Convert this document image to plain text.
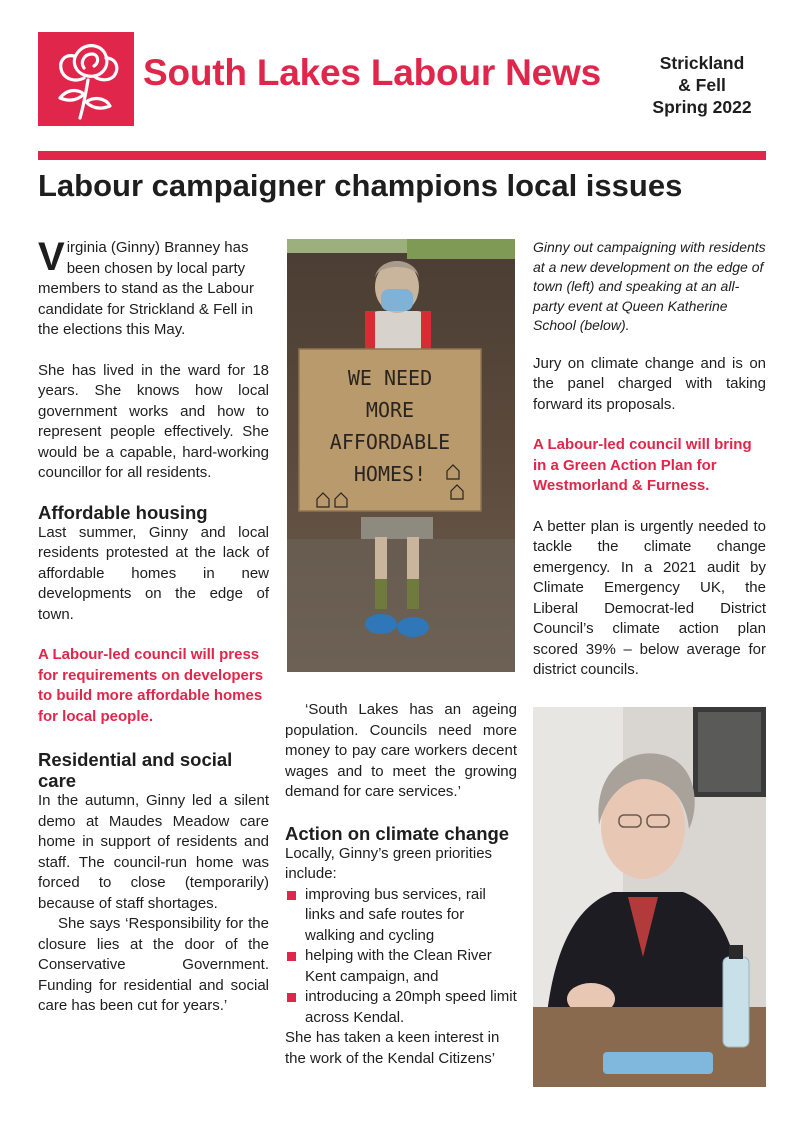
South Lakes Labour News	Strickland
& Fell
Spring 2022
Labour campaigner champions local issues

Virginia (Ginny) Branney has been chosen by local party members to stand as the Labour candidate for Strickland & Fell in the elections this May.

She has lived in the ward for 18 years. She knows how local government works and how to represent people effectively. She would be a capable, hard-working councillor for all residents.

Affordable housing

Last summer, Ginny and local residents protested at the lack of affordable homes in new developments on the edge of town.

A Labour-led council will press for requirements on developers to build more affordable homes for local people.

Residential and social care

In the autumn, Ginny led a silent demo at Maudes Meadow care home in support of residents and staff. The council-run home was forced to close (temporarily) because of staff shortages.

She says ‘Responsibility for the closure lies at the door of the Conservative Government. Funding for residential and social care has been cut for years.’

WE NEED
MORE
AFFORDABLE
HOMES!

‘South Lakes has an ageing population. Councils need more money to pay care workers decent wages and to meet the growing demand for care services.’

Action on climate change

Locally, Ginny’s green priorities include:

improving bus services, rail links and safe routes for walking and cycling
helping with the Clean River Kent campaign, and
introducing a 20mph speed limit across Kendal.

She has taken a keen interest in the work of the Kendal Citizens’

Ginny out campaigning with residents at a new development on the edge of town (left) and speaking at an all-party event at Queen Katherine School (below).

Jury on climate change and is on the panel charged with taking forward its proposals.

A Labour-led council will bring in a Green Action Plan for Westmorland & Furness.

A better plan is urgently needed to tackle the climate change emergency. In a 2021 audit by Climate Emergency UK, the Liberal Democrat-led District Council’s climate action plan scored 39% – below average for district councils.
